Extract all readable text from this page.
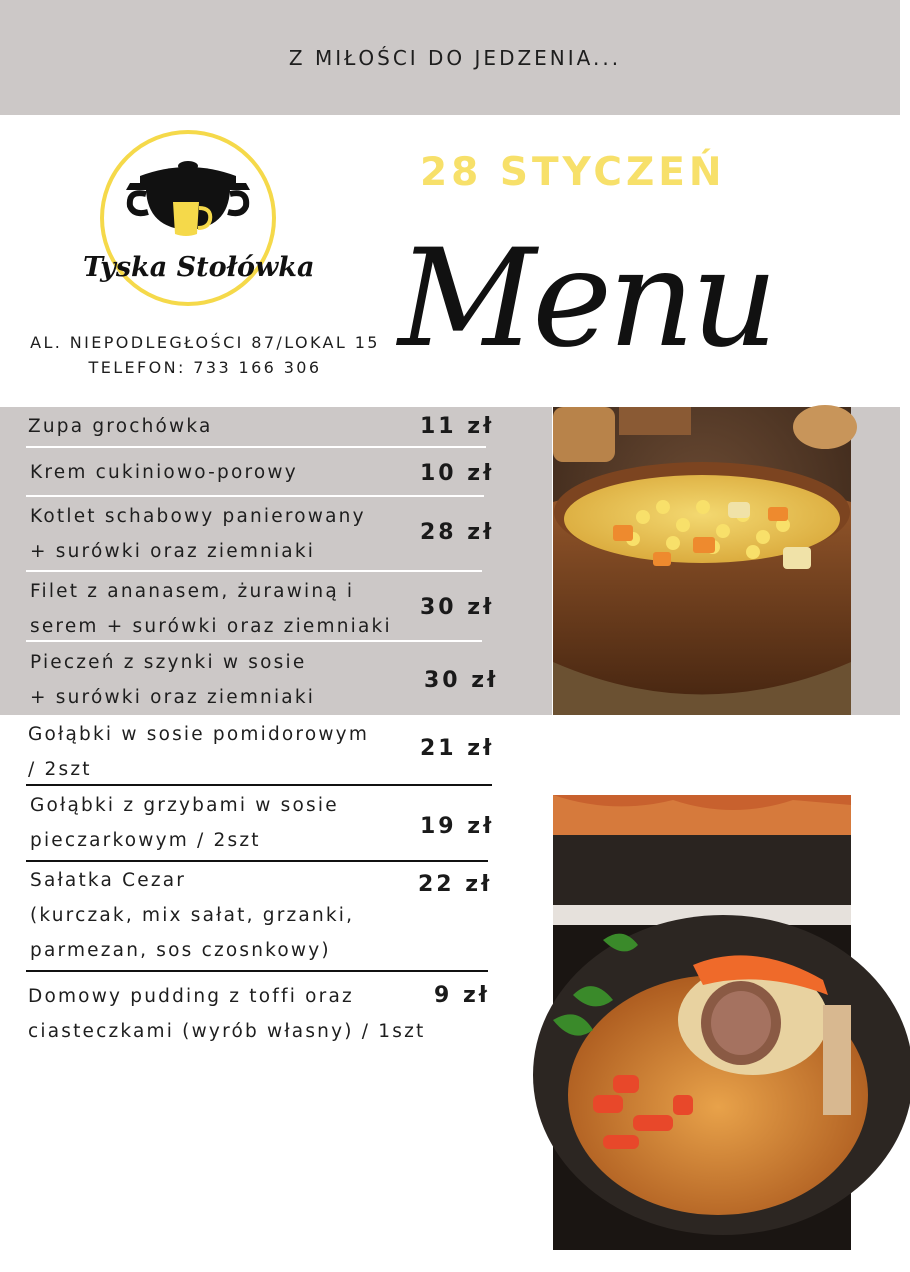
Z MIŁOŚCI DO JEDZENIA...
Tyska Stołówka
AL. NIEPODLEGŁOŚCI 87/LOKAL 15
TELEFON: 733 166 306
28 STYCZEŃ
Menu
Zupa grochówka	11 zł
Krem cukiniowo-porowy	10 zł
Kotlet schabowy panierowany
+ surówki oraz ziemniaki
28 zł
Filet z ananasem, żurawiną i
serem + surówki oraz ziemniaki
30 zł
Pieczeń z szynki w sosie
+ surówki oraz ziemniaki
30 zł
Gołąbki w sosie pomidorowym
/ 2szt
21 zł
Gołąbki z grzybami w sosie
pieczarkowym / 2szt
19 zł
Sałatka Cezar
(kurczak, mix sałat, grzanki,
parmezan, sos czosnkowy)
22 zł
Domowy pudding z toffi oraz
ciasteczkami (wyrób własny) / 1szt
9 zł
